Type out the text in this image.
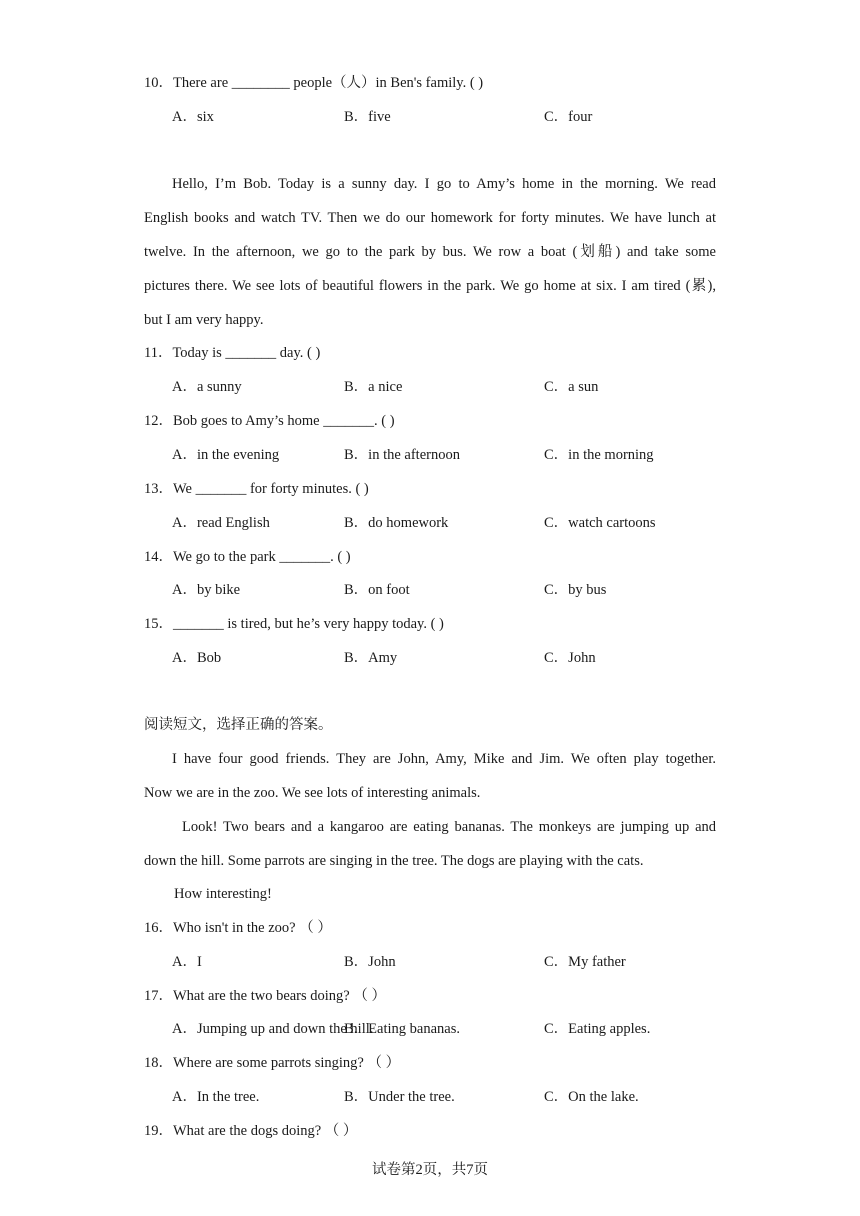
10．There are ________ people（人）in Ben's family. ( )
A．six	B．five	C．four
Hello, I’m Bob. Today is a sunny day. I go to Amy’s home in the morning. We read
English books and watch TV. Then we do our homework for forty minutes. We have lunch at
twelve. In the afternoon, we go to the park by bus. We row a boat (划船) and take some
pictures there. We see lots of beautiful flowers in the park. We go home at six. I am tired (累),
but I am very happy.
11．Today is _______ day. ( )
A．a sunny	B．a nice	C．a sun
12．Bob goes to Amy’s home _______. ( )
A．in the evening	B．in the afternoon	C．in the morning
13．We _______ for forty minutes. ( )
A．read English	B．do homework	C．watch cartoons
14．We go to the park _______. ( )
A．by bike	B．on foot	C．by bus
15．_______ is tired, but he’s very happy today. ( )
A．Bob	B．Amy	C．John
阅读短文，选择正确的答案。
I have four good friends. They are John, Amy, Mike and Jim. We often play together.
Now we are in the zoo. We see lots of interesting animals.
Look! Two bears and a kangaroo are eating bananas. The monkeys are jumping up and
down the hill. Some parrots are singing in the tree. The dogs are playing with the cats.
How interesting!
16．Who isn't in the zoo? （ ）
A．I	B．John	C．My father
17．What are the two bears doing? （ ）
A．Jumping up and down the hill.
B．Eating bananas.	C．Eating apples.
18．Where are some parrots singing? （ ）
A．In the tree.	B．Under the tree.	C．On the lake.
19．What are the dogs doing? （ ）
试卷第2页，共7页
